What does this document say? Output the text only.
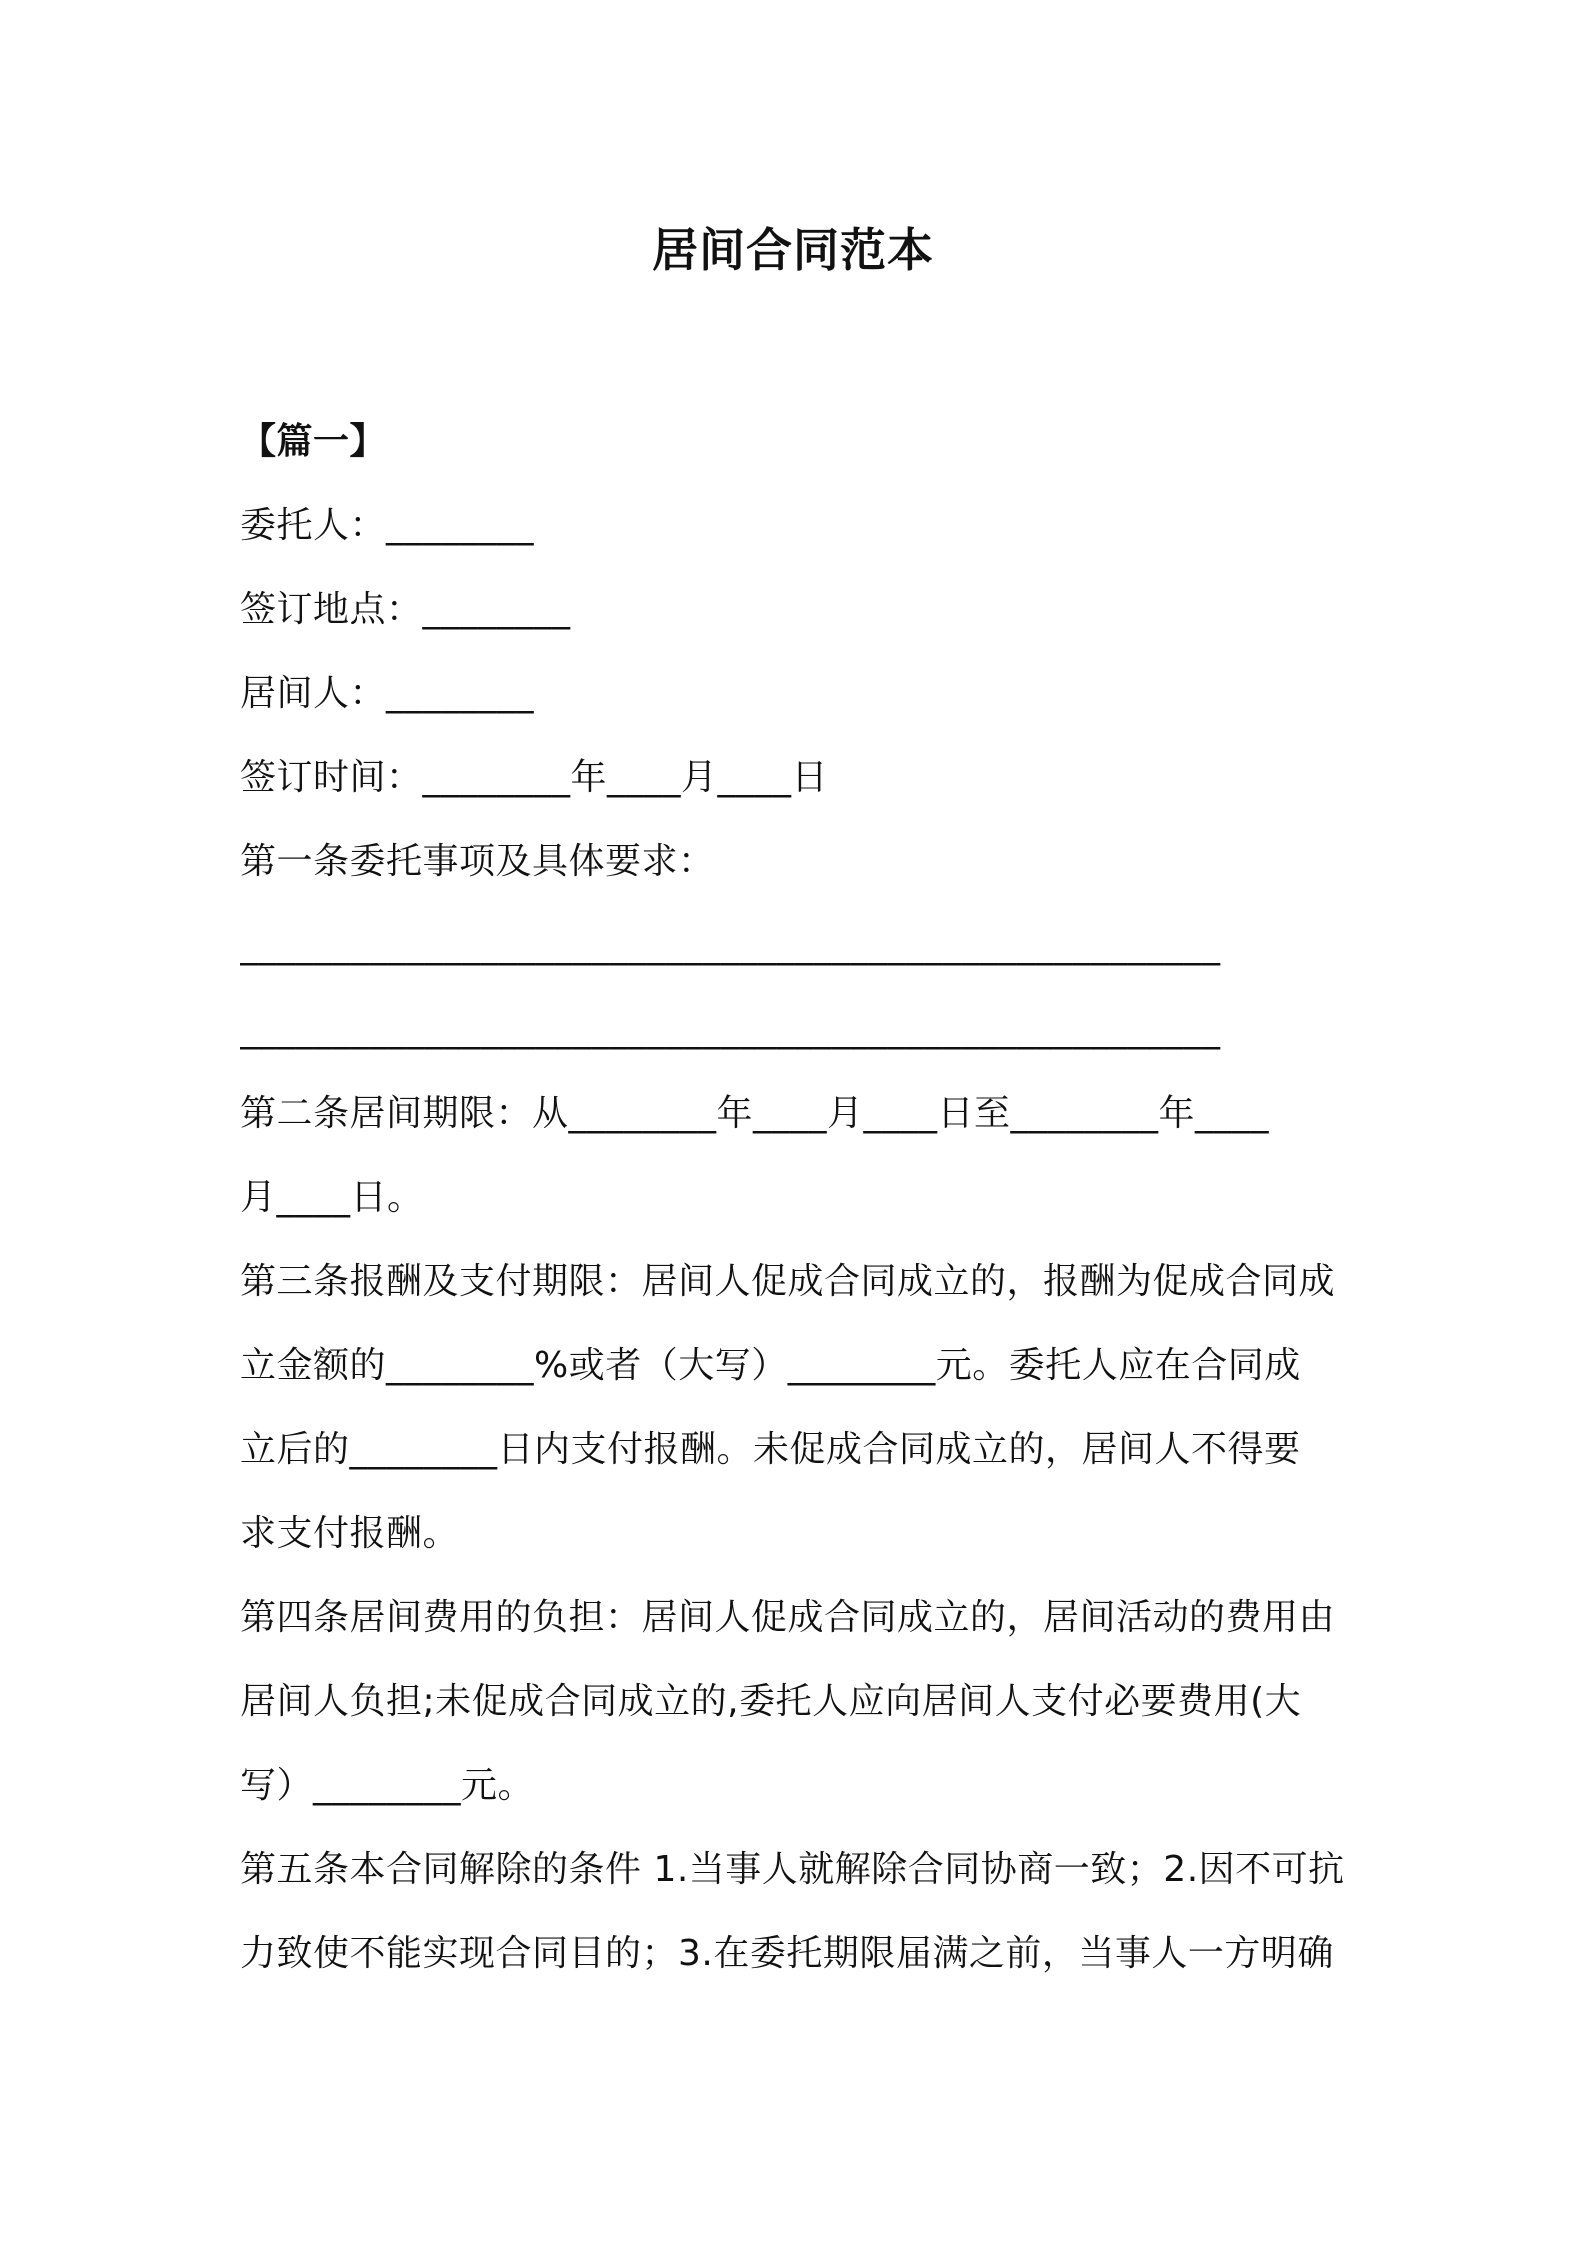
居间合同范本
【篇一】
委托人：________
签订地点：________
居间人：________
签订时间：________年____月____日
第一条委托事项及具体要求：
_____________________________________________________
_____________________________________________________
第二条居间期限：从________年____月____日至________年____
月____日。
第三条报酬及支付期限：居间人促成合同成立的，报酬为促成合同成
立金额的________%或者（大写）________元。委托人应在合同成
立后的________日内支付报酬。未促成合同成立的，居间人不得要
求支付报酬。
第四条居间费用的负担：居间人促成合同成立的，居间活动的费用由
居间人负担;未促成合同成立的,委托人应向居间人支付必要费用(大
写）________元。
第五条本合同解除的条件 1.当事人就解除合同协商一致；2.因不可抗
力致使不能实现合同目的；3.在委托期限届满之前，当事人一方明确
